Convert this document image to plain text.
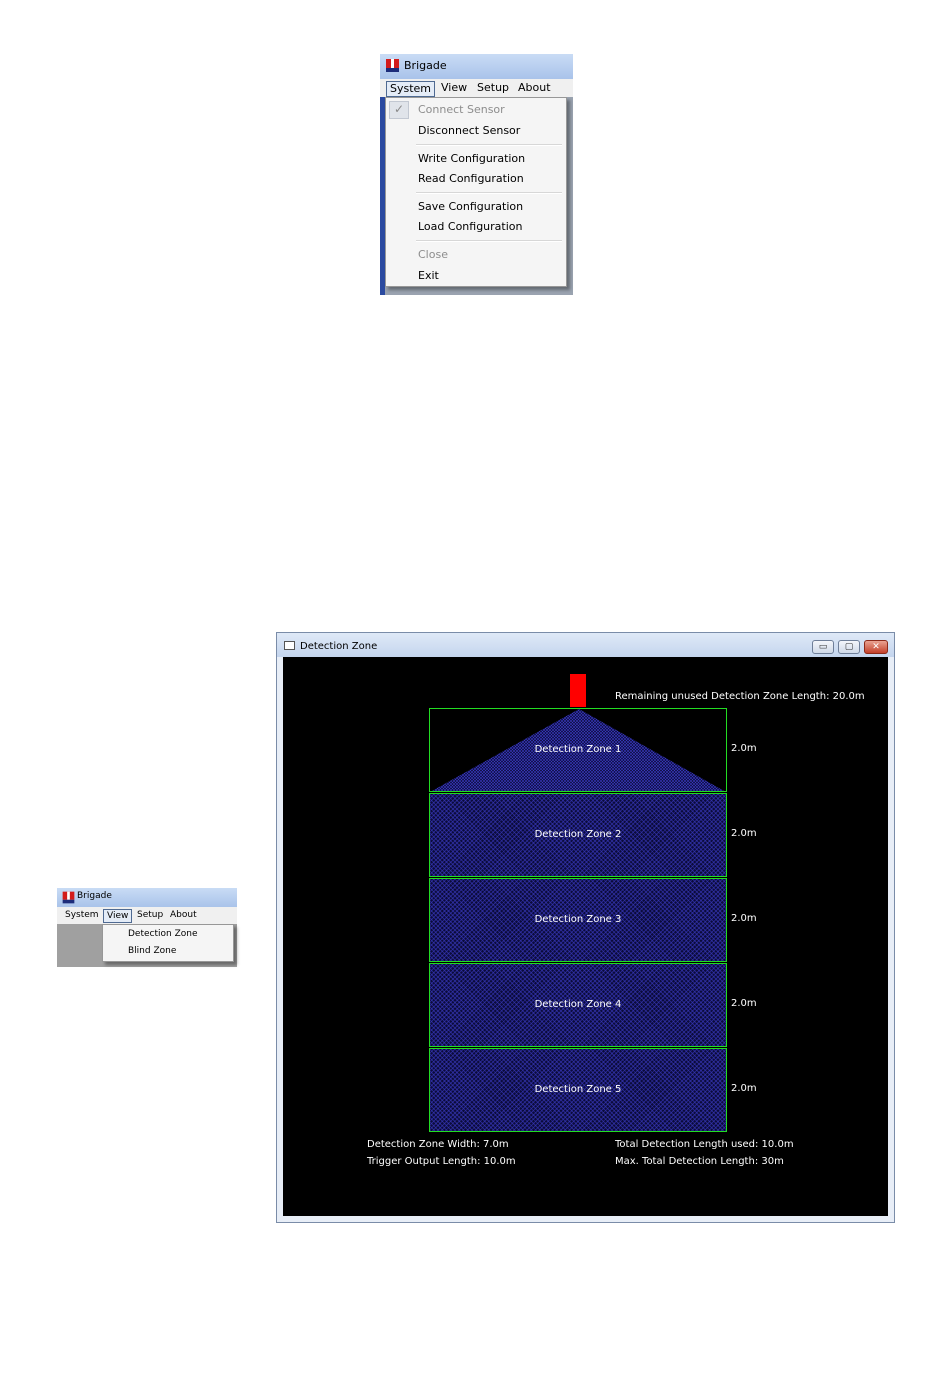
Brigade
System View Setup About
✓ Connect Sensor
Disconnect Sensor
Write Configuration
Read Configuration
Save Configuration
Load Configuration
Close
Exit
Brigade
System View Setup About
Detection Zone
Blind Zone
Detection Zone	▭	▢	✕
Remaining unused Detection Zone Length: 20.0m
Detection Zone 1	2.0m
Detection Zone 2	2.0m
Detection Zone 3	2.0m
Detection Zone 4	2.0m
Detection Zone 5	2.0m
Detection Zone Width: 7.0m
Trigger Output Length: 10.0m
Total Detection Length used: 10.0m
Max. Total Detection Length: 30m
